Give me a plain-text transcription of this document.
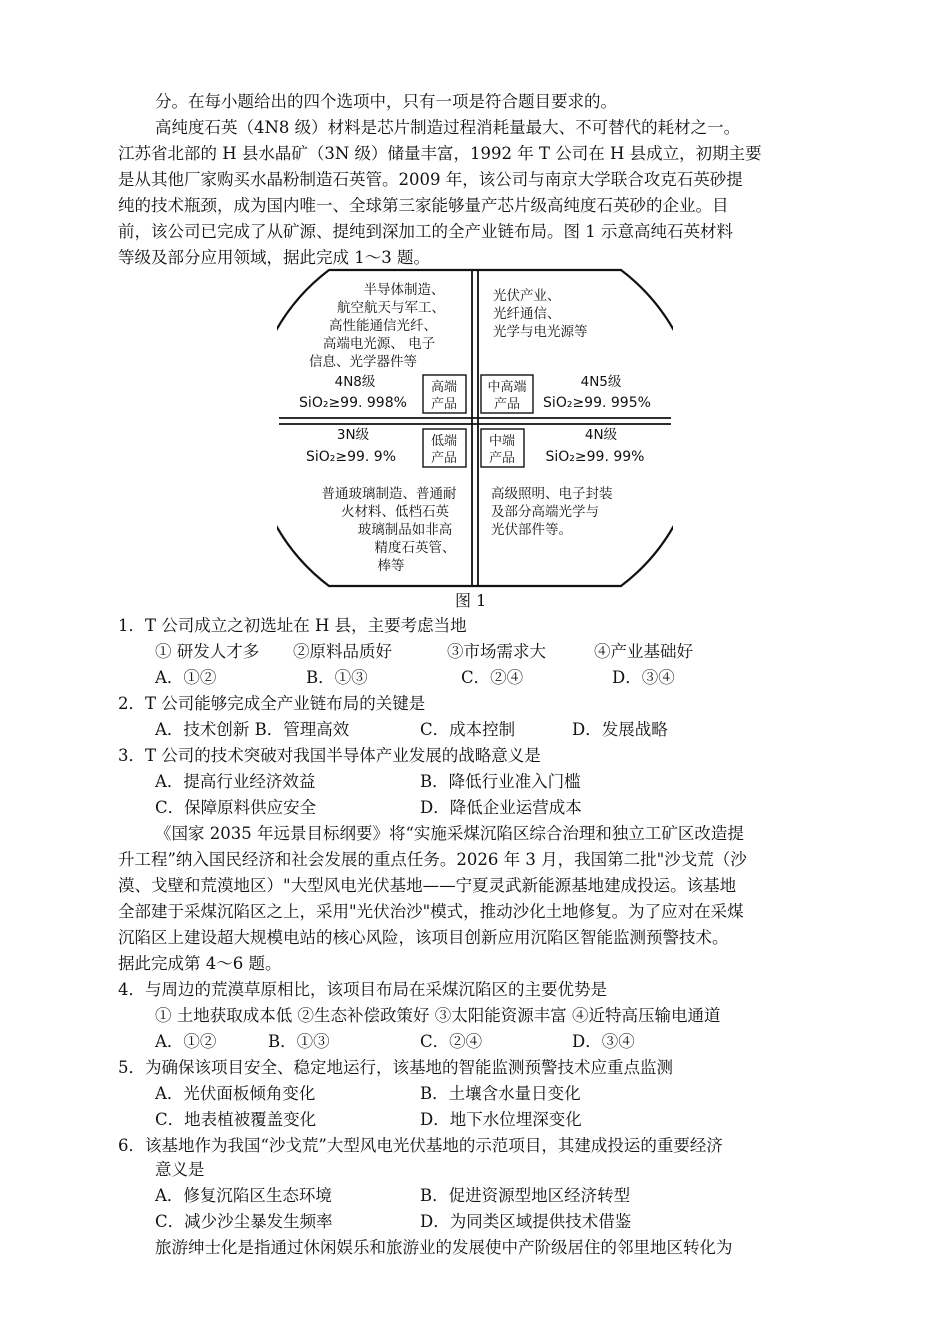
分。在每小题给出的四个选项中，只有一项是符合题目要求的。
高纯度石英（4N8 级）材料是芯片制造过程消耗量最大、不可替代的耗材之一。
江苏省北部的 H 县水晶矿（3N 级）储量丰富，1992 年 T 公司在 H 县成立，初期主要
是从其他厂家购买水晶粉制造石英管。2009 年，该公司与南京大学联合攻克石英砂提
纯的技术瓶颈，成为国内唯一、全球第三家能够量产芯片级高纯度石英砂的企业。目
前，该公司已完成了从矿源、提纯到深加工的全产业链布局。图 1 示意高纯石英材料
等级及部分应用领域，据此完成 1～3 题。
半导体制造、
航空航天与军工、
高性能通信光纤、
高端电光源、 电子
信息、光学器件等
4N8级
SiO₂≥99. 998%
高端
产品
光伏产业、
光纤通信、
光学与电光源等
4N5级
SiO₂≥99. 995%
中高端
产品
3N级
SiO₂≥99. 9%
低端
产品
普通玻璃制造、普通耐
火材料、低档石英
玻璃制品如非高
精度石英管、
棒等
中端
产品
4N级
SiO₂≥99. 99%
高级照明、电子封装
及部分高端光学与
光伏部件等。
图 1
1．T 公司成立之初选址在 H 县，主要考虑当地
① 研发人才多 ②原料品质好	③市场需求大	④产业基础好
A．①②	B．①③	C．②④	D．③④
2．T 公司能够完成全产业链布局的关键是
A．技术创新 B．管理高效	C．成本控制	D．发展战略
3．T 公司的技术突破对我国半导体产业发展的战略意义是
A．提高行业经济效益	B．降低行业准入门槛
C．保障原料供应安全	D．降低企业运营成本
《国家 2035 年远景目标纲要》将“实施采煤沉陷区综合治理和独立工矿区改造提
升工程”纳入国民经济和社会发展的重点任务。2026 年 3 月，我国第二批"沙戈荒（沙
漠、戈壁和荒漠地区）"大型风电光伏基地——宁夏灵武新能源基地建成投运。该基地
全部建于采煤沉陷区之上，采用"光伏治沙"模式，推动沙化土地修复。为了应对在采煤
沉陷区上建设超大规模电站的核心风险，该项目创新应用沉陷区智能监测预警技术。
据此完成第 4～6 题。
4．与周边的荒漠草原相比，该项目布局在采煤沉陷区的主要优势是
① 土地获取成本低 ②生态补偿政策好 ③太阳能资源丰富 ④近特高压输电通道
A．①②	B．①③	C．②④	D．③④
5．为确保该项目安全、稳定地运行，该基地的智能监测预警技术应重点监测
A．光伏面板倾角变化	B．土壤含水量日变化
C．地表植被覆盖变化	D．地下水位埋深变化
6．该基地作为我国“沙戈荒”大型风电光伏基地的示范项目，其建成投运的重要经济
意义是
A．修复沉陷区生态环境	B．促进资源型地区经济转型
C．减少沙尘暴发生频率	D．为同类区域提供技术借鉴
旅游绅士化是指通过休闲娱乐和旅游业的发展使中产阶级居住的邻里地区转化为
